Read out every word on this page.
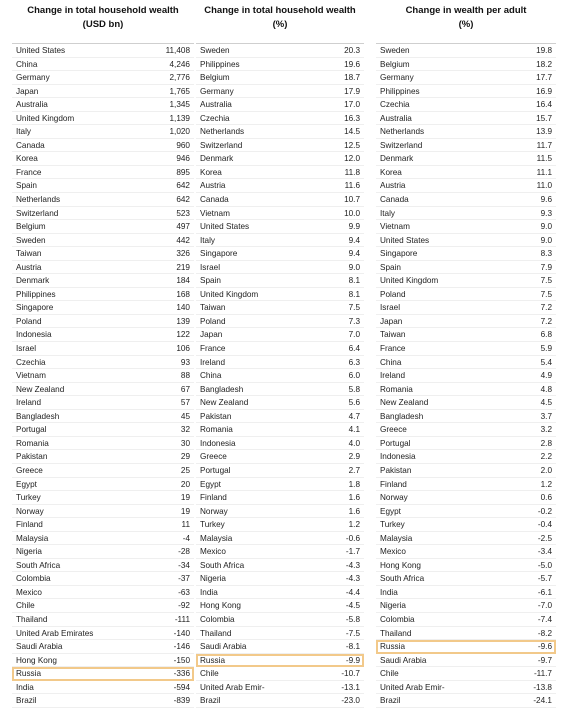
Change in total household wealth
(USD bn)
United States	11,408
China	4,246
Germany	2,776
Japan	1,765
Australia	1,345
United Kingdom	1,139
Italy	1,020
Canada	960
Korea	946
France	895
Spain	642
Netherlands	642
Switzerland	523
Belgium	497
Sweden	442
Taiwan	326
Austria	219
Denmark	184
Philippines	168
Singapore	140
Poland	139
Indonesia	122
Israel	106
Czechia	93
Vietnam	88
New Zealand	67
Ireland	57
Bangladesh	45
Portugal	32
Romania	30
Pakistan	29
Greece	25
Egypt	20
Turkey	19
Norway	19
Finland	11
Malaysia	-4
Nigeria	-28
South Africa	-34
Colombia	-37
Mexico	-63
Chile	-92
Thailand	-111
United Arab Emirates	-140
Saudi Arabia	-146
Hong Kong	-150
Russia	-336
India	-594
Brazil	-839
Change in total household wealth
(%)
Sweden	20.3
Philippines	19.6
Belgium	18.7
Germany	17.9
Australia	17.0
Czechia	16.3
Netherlands	14.5
Switzerland	12.5
Denmark	12.0
Korea	11.8
Austria	11.6
Canada	10.7
Vietnam	10.0
United States	9.9
Italy	9.4
Singapore	9.4
Israel	9.0
Spain	8.1
United Kingdom	8.1
Taiwan	7.5
Poland	7.3
Japan	7.0
France	6.4
Ireland	6.3
China	6.0
Bangladesh	5.8
New Zealand	5.6
Pakistan	4.7
Romania	4.1
Indonesia	4.0
Greece	2.9
Portugal	2.7
Egypt	1.8
Finland	1.6
Norway	1.6
Turkey	1.2
Malaysia	-0.6
Mexico	-1.7
South Africa	-4.3
Nigeria	-4.3
India	-4.4
Hong Kong	-4.5
Colombia	-5.8
Thailand	-7.5
Saudi Arabia	-8.1
Russia	-9.9
Chile	-10.7
United Arab Emir-	-13.1
Brazil	-23.0
Change in wealth per adult
(%)
Sweden	19.8
Belgium	18.2
Germany	17.7
Philippines	16.9
Czechia	16.4
Australia	15.7
Netherlands	13.9
Switzerland	11.7
Denmark	11.5
Korea	11.1
Austria	11.0
Canada	9.6
Italy	9.3
Vietnam	9.0
United States	9.0
Singapore	8.3
Spain	7.9
United Kingdom	7.5
Poland	7.5
Israel	7.2
Japan	7.2
Taiwan	6.8
France	5.9
China	5.4
Ireland	4.9
Romania	4.8
New Zealand	4.5
Bangladesh	3.7
Greece	3.2
Portugal	2.8
Indonesia	2.2
Pakistan	2.0
Finland	1.2
Norway	0.6
Egypt	-0.2
Turkey	-0.4
Malaysia	-2.5
Mexico	-3.4
Hong Kong	-5.0
South Africa	-5.7
India	-6.1
Nigeria	-7.0
Colombia	-7.4
Thailand	-8.2
Russia	-9.6
Saudi Arabia	-9.7
Chile	-11.7
United Arab Emir-	-13.8
Brazil	-24.1
